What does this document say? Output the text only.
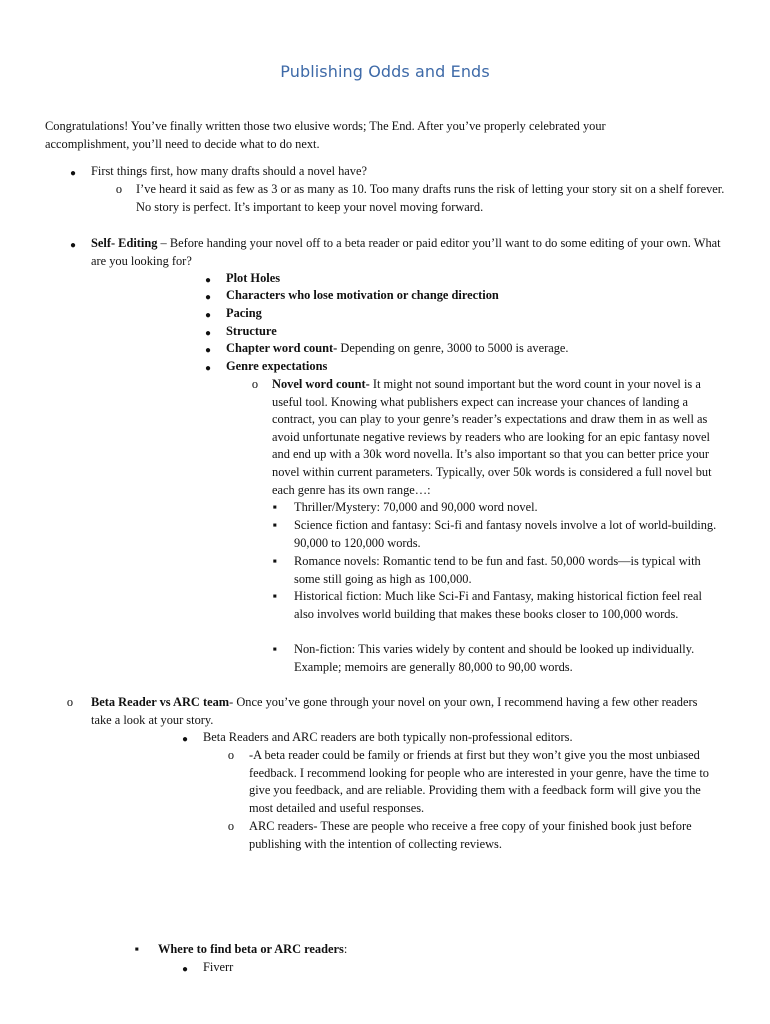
Publishing Odds and Ends
Congratulations! You’ve finally written those two elusive words; The End. After you’ve properly celebrated your accomplishment, you’ll need to decide what to do next.
●	First things first, how many drafts should a novel have?
o	I’ve heard it said as few as 3 or as many as 10. Too many drafts runs the risk of letting your story sit on a shelf forever. No story is perfect. It’s important to keep your novel moving forward.
●	Self- Editing – Before handing your novel off to a beta reader or paid editor you’ll want to do some editing of your own. What are you looking for?
●	Plot Holes
●	Characters who lose motivation or change direction
●	Pacing
●	Structure
●	Chapter word count- Depending on genre, 3000 to 5000 is average.
●	Genre expectations
o	Novel word count- It might not sound important but the word count in your novel is a useful tool. Knowing what publishers expect can increase your chances of landing a contract, you can play to your genre’s reader’s expectations and draw them in as well as avoid unfortunate negative reviews by readers who are looking for an epic fantasy novel and end up with a 30k word novella. It’s also important so that you can better price your novel within current parameters. Typically, over 50k words is considered a full novel but each genre has its own range…:
▪	Thriller/Mystery: 70,000 and 90,000 word novel.
▪	Science fiction and fantasy: Sci-fi and fantasy novels involve a lot of world-building. 90,000 to 120,000 words.
▪	Romance novels: Romantic tend to be fun and fast. 50,000 words—is typical with some still going as high as 100,000.
▪	Historical fiction: Much like Sci-Fi and Fantasy, making historical fiction feel real also involves world building that makes these books closer to 100,000 words.
▪	Non-fiction: This varies widely by content and should be looked up individually. Example; memoirs are generally 80,000 to 90,00 words.
o	Beta Reader vs ARC team- Once you’ve gone through your novel on your own, I recommend having a few other readers take a look at your story.
●	Beta Readers and ARC readers are both typically non-professional editors.
o	-A beta reader could be family or friends at first but they won’t give you the most unbiased feedback. I recommend looking for people who are interested in your genre, have the time to give you feedback, and are reliable. Providing them with a feedback form will give you the most detailed and useful responses.
o	ARC readers- These are people who receive a free copy of your finished book just before publishing with the intention of collecting reviews.
▪	Where to find beta or ARC readers:
●	Fiverr
